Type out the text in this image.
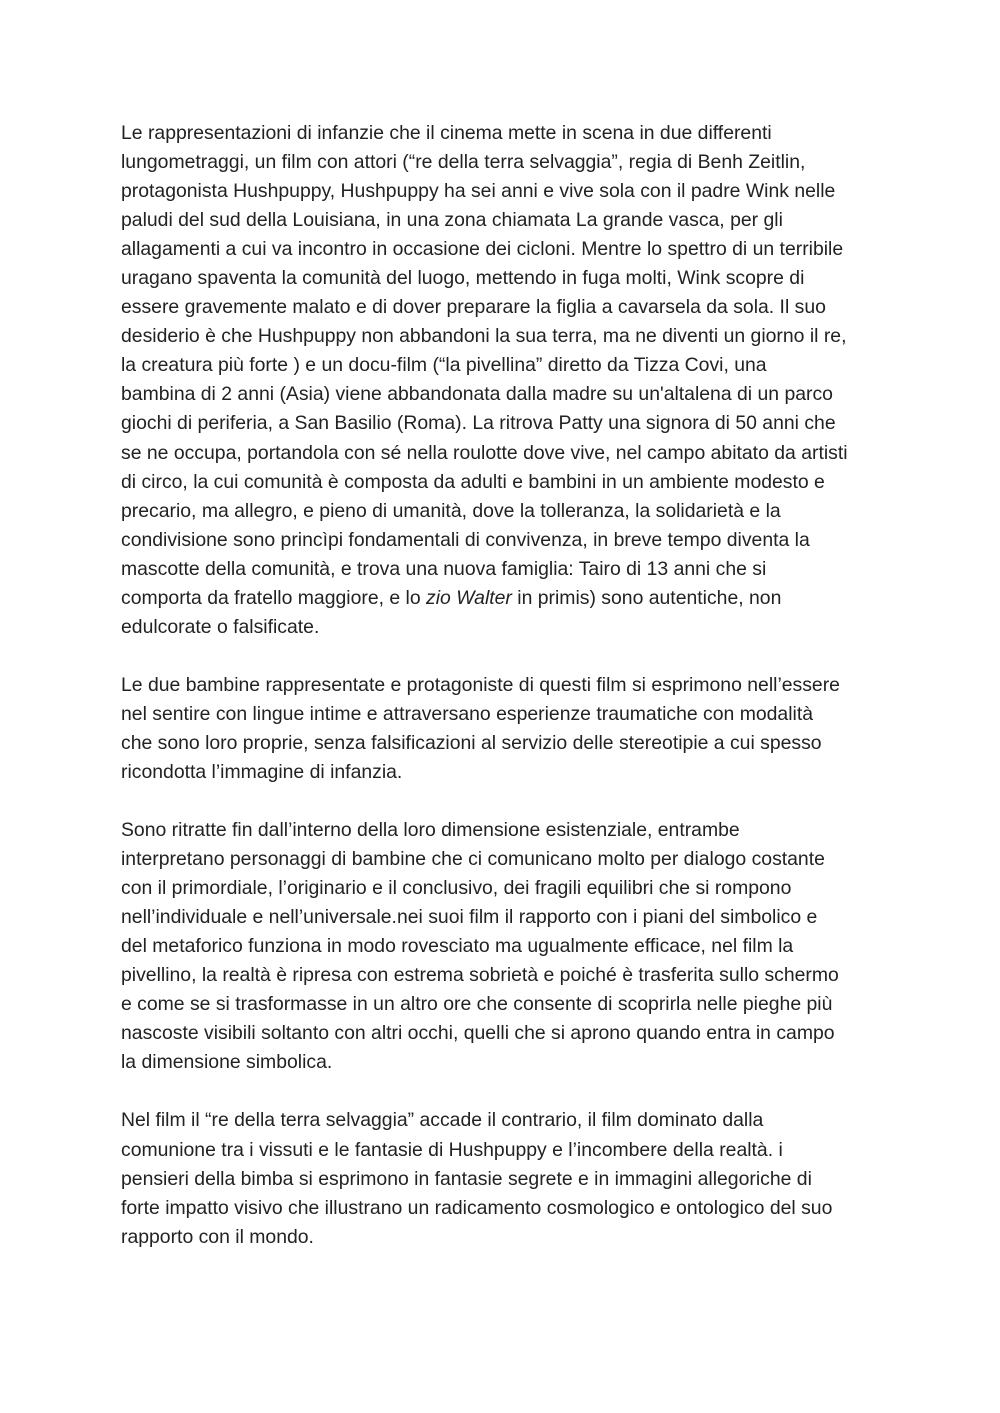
Le rappresentazioni di infanzie che il cinema mette in scena in due differenti
lungometraggi, un film con attori (“re della terra selvaggia”, regia di Benh Zeitlin,
protagonista Hushpuppy, Hushpuppy ha sei anni e vive sola con il padre Wink nelle
paludi del sud della Louisiana, in una zona chiamata La grande vasca, per gli
allagamenti a cui va incontro in occasione dei cicloni. Mentre lo spettro di un terribile
uragano spaventa la comunità del luogo, mettendo in fuga molti, Wink scopre di
essere gravemente malato e di dover preparare la figlia a cavarsela da sola. Il suo
desiderio è che Hushpuppy non abbandoni la sua terra, ma ne diventi un giorno il re,
la creatura più forte ) e un docu-film (“la pivellina” diretto da Tizza Covi, una
bambina di 2 anni (Asia) viene abbandonata dalla madre su un'altalena di un parco
giochi di periferia, a San Basilio (Roma). La ritrova Patty una signora di 50 anni che
se ne occupa, portandola con sé nella roulotte dove vive, nel campo abitato da artisti
di circo, la cui comunità è composta da adulti e bambini in un ambiente modesto e
precario, ma allegro, e pieno di umanità, dove la tolleranza, la solidarietà e la
condivisione sono princìpi fondamentali di convivenza, in breve tempo diventa la
mascotte della comunità, e trova una nuova famiglia: Tairo di 13 anni che si
comporta da fratello maggiore, e lo zio Walter in primis) sono autentiche, non
edulcorate o falsificate.

Le due bambine rappresentate e protagoniste di questi film si esprimono nell’essere
nel sentire con lingue intime e attraversano esperienze traumatiche con modalità
che sono loro proprie, senza falsificazioni al servizio delle stereotipie a cui spesso
ricondotta l’immagine di infanzia.

Sono ritratte fin dall’interno della loro dimensione esistenziale, entrambe
interpretano personaggi di bambine che ci comunicano molto per dialogo costante
con il primordiale, l’originario e il conclusivo, dei fragili equilibri che si rompono
nell’individuale e nell’universale.nei suoi film il rapporto con i piani del simbolico e
del metaforico funziona in modo rovesciato ma ugualmente efficace, nel film la
pivellino, la realtà è ripresa con estrema sobrietà e poiché è trasferita sullo schermo
e come se si trasformasse in un altro ore che consente di scoprirla nelle pieghe più
nascoste visibili soltanto con altri occhi, quelli che si aprono quando entra in campo
la dimensione simbolica.

Nel film il “re della terra selvaggia” accade il contrario, il film dominato dalla
comunione tra i vissuti e le fantasie di Hushpuppy e l’incombere della realtà. i
pensieri della bimba si esprimono in fantasie segrete e in immagini allegoriche di
forte impatto visivo che illustrano un radicamento cosmologico e ontologico del suo
rapporto con il mondo.
